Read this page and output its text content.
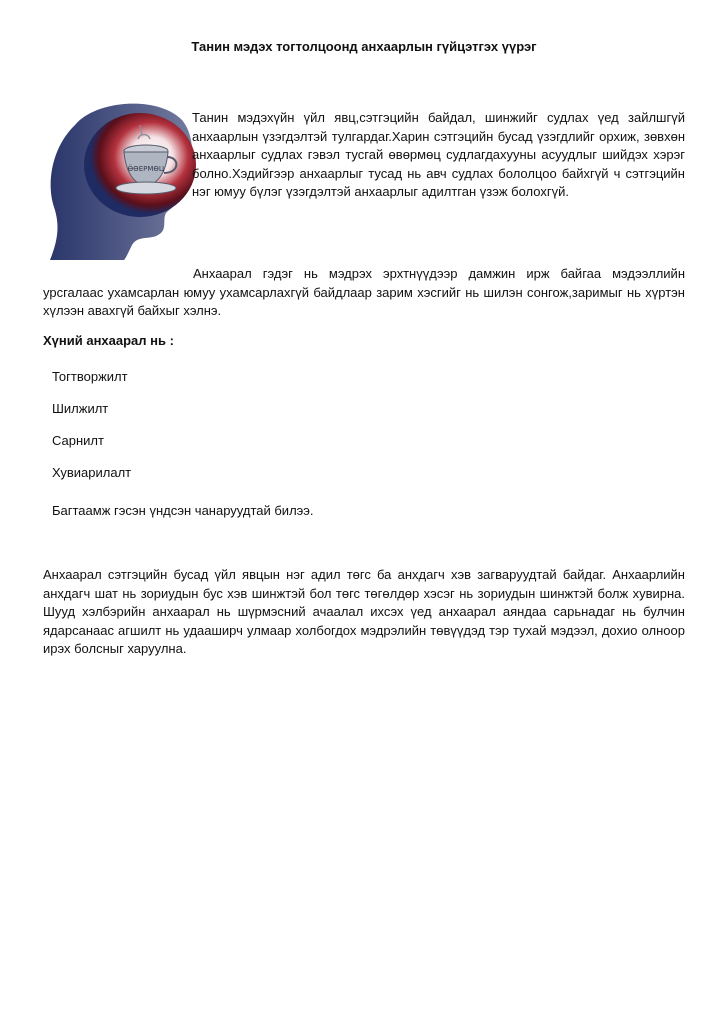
Танин мэдэх тогтолцоонд анхаарлын гүйцэтгэх үүрэг
ӪӨЕРМӨЦ

Танин мэдэхүйн үйл явц,сэтгэцийн байдал, шинжийг судлах үед зайлшгүй анхаарлын үзэгдэлтэй тулгардаг.Харин сэтгэцийн бусад үзэгдлийг орхиж, зөвхөн анхаарлыг судлах гэвэл тусгай өвөрмөц судлагдахууны асуудлыг шийдэх хэрэг болно.Хэдийгээр анхаарлыг тусад нь авч судлах бололцоо байхгүй ч сэтгэцийн нэг юмуу бүлэг үзэгдэлтэй анхаарлыг адилтган үзэж болохгүй.

Анхаарал гэдэг нь мэдрэх эрхтнүүдээр дамжин ирж байгаа мэдээллийн урсгалаас ухамсарлан юмуу ухамсарлахгүй байдлаар зарим хэсгийг нь шилэн сонгож,заримыг нь хүртэн хүлээн авахгүй байхыг хэлнэ.

Хүний анхаарал нь :

Тогтворжилт
Шилжилт
Сарнилт
Хувиарилалт

Багтаамж гэсэн үндсэн чанаруудтай билээ.

Анхаарал сэтгэцийн бусад үйл явцын нэг адил төгс ба анхдагч хэв загваруудтай байдаг. Анхаарлийн анхдагч шат нь зориудын бус хэв шинжтэй бол төгс төгөлдөр хэсэг нь зориудын шинжтэй болж хувирна. Шууд хэлбэрийн анхаарал нь шүрмэсний ачаалал ихсэх үед анхаарал аяндаа сарьнадаг нь булчин ядарсанаас агшилт нь удааширч улмаар холбогдох мэдрэлийн төвүүдэд тэр тухай мэдээл, дохио олноор ирэх болсныг харуулна.
